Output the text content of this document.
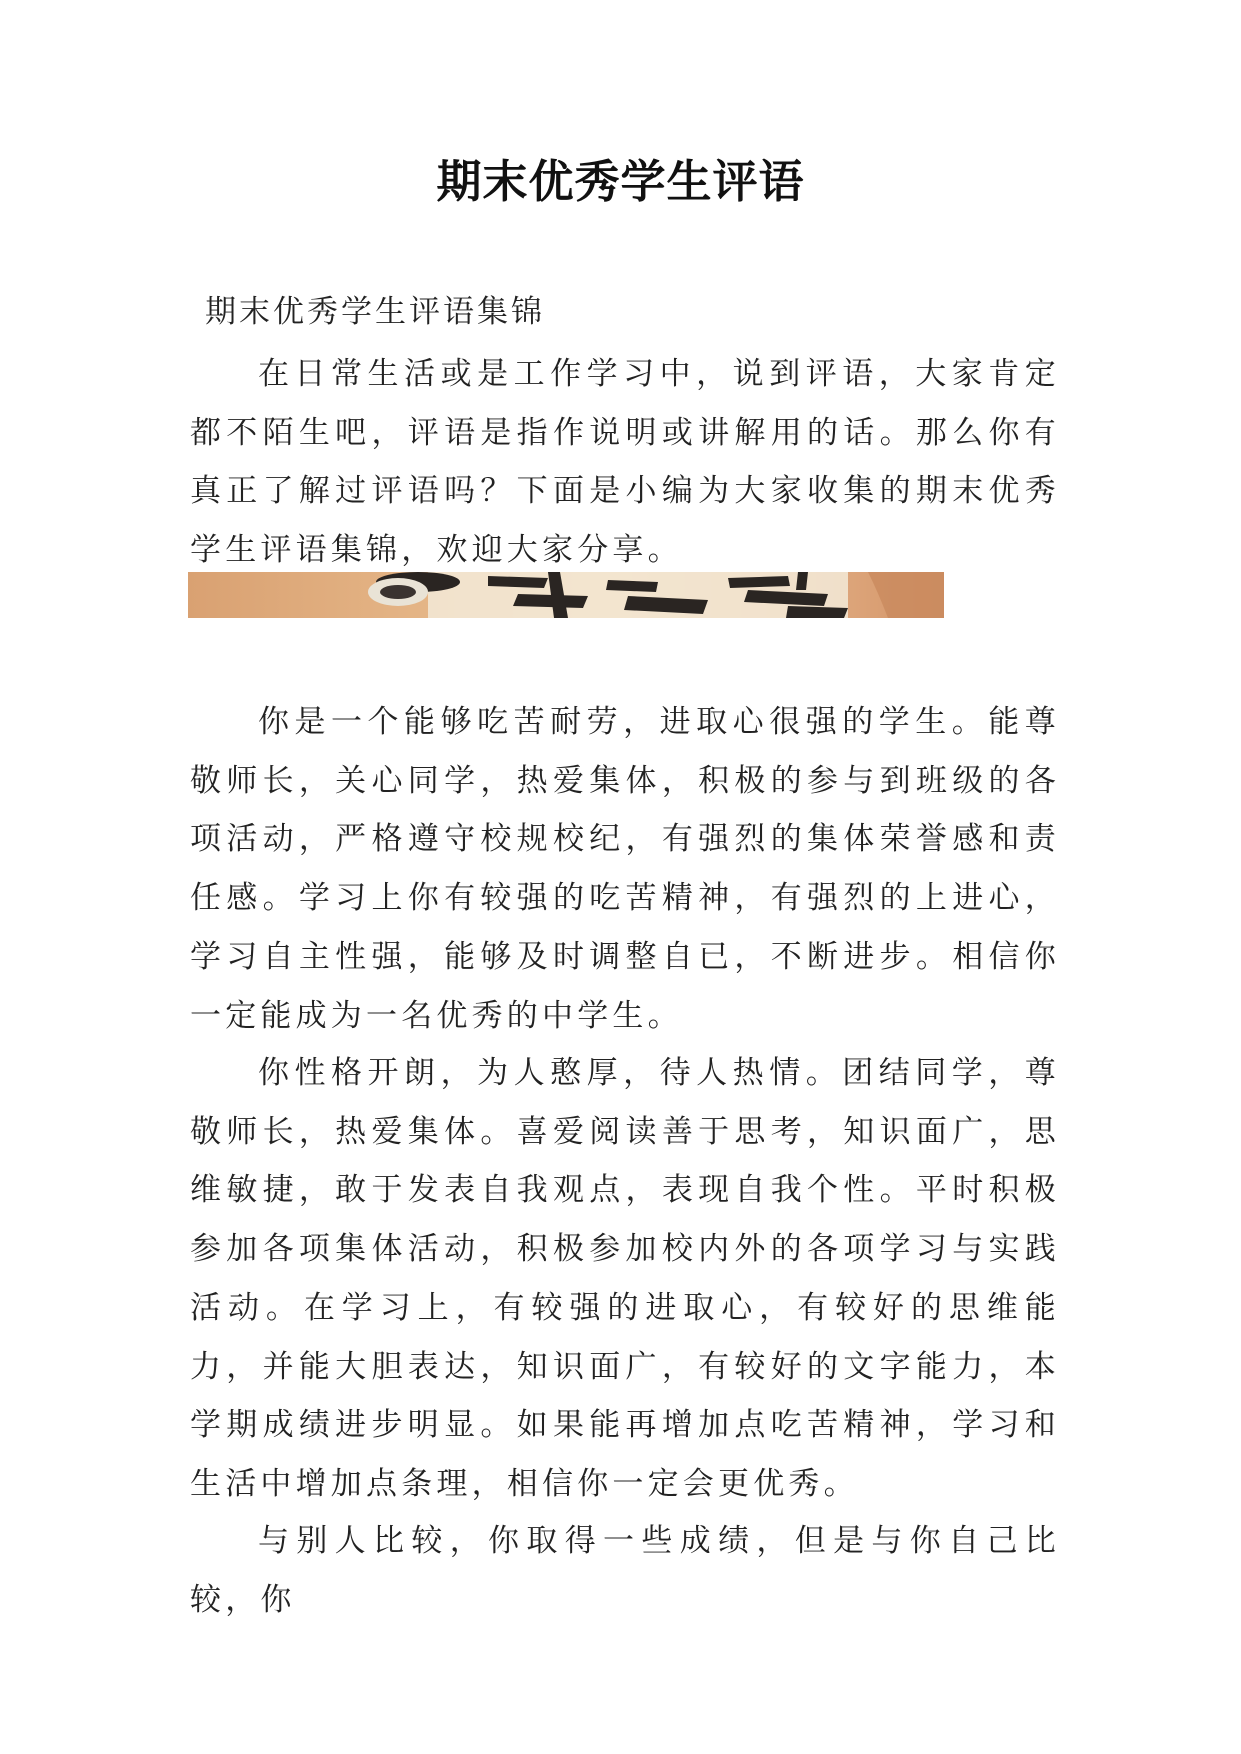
期末优秀学生评语
期末优秀学生评语集锦

在日常生活或是工作学习中，说到评语，大家肯定都不陌生吧，评语是指作说明或讲解用的话。那么你有真正了解过评语吗？下面是小编为大家收集的期末优秀学生评语集锦，欢迎大家分享。

你是一个能够吃苦耐劳，进取心很强的学生。能尊敬师长，关心同学，热爱集体，积极的参与到班级的各项活动，严格遵守校规校纪，有强烈的集体荣誉感和责任感。学习上你有较强的吃苦精神，有强烈的上进心，学习自主性强，能够及时调整自已，不断进步。相信你一定能成为一名优秀的中学生。

你性格开朗，为人憨厚，待人热情。团结同学，尊敬师长，热爱集体。喜爱阅读善于思考，知识面广，思维敏捷，敢于发表自我观点，表现自我个性。平时积极参加各项集体活动，积极参加校内外的各项学习与实践活动。在学习上，有较强的进取心，有较好的思维能力，并能大胆表达，知识面广，有较好的文字能力，本学期成绩进步明显。如果能再增加点吃苦精神，学习和生活中增加点条理，相信你一定会更优秀。

与别人比较，你取得一些成绩，但是与你自己比较，你
